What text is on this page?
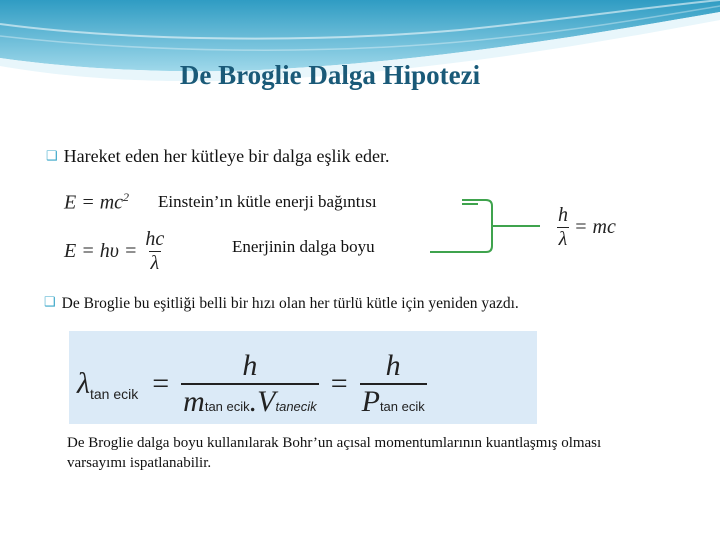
De Broglie Dalga Hipotezi
❑ Hareket eden her kütleye bir dalga eşlik eder.
$E = mc^2$ Einstein’ın kütle enerji bağıntısı
$E = h\upsilon = \frac{hc}{\lambda}$	Enerjinin dalga boyu	$\frac{h}{\lambda}$ = mc
❑ De Broglie bu eşitliği belli bir hızı olan her türlü kütle için yeniden yazdı.
λ tan ecik = $\frac{h}{\text{mtan ecik.Vtanecik}} = \frac{h}{\text{Ptan ecik}}$
De Broglie dalga boyu kullanılarak Bohr’un açısal momentumlarının kuantlaşmış olması varsayımı ispatlanabilir.
